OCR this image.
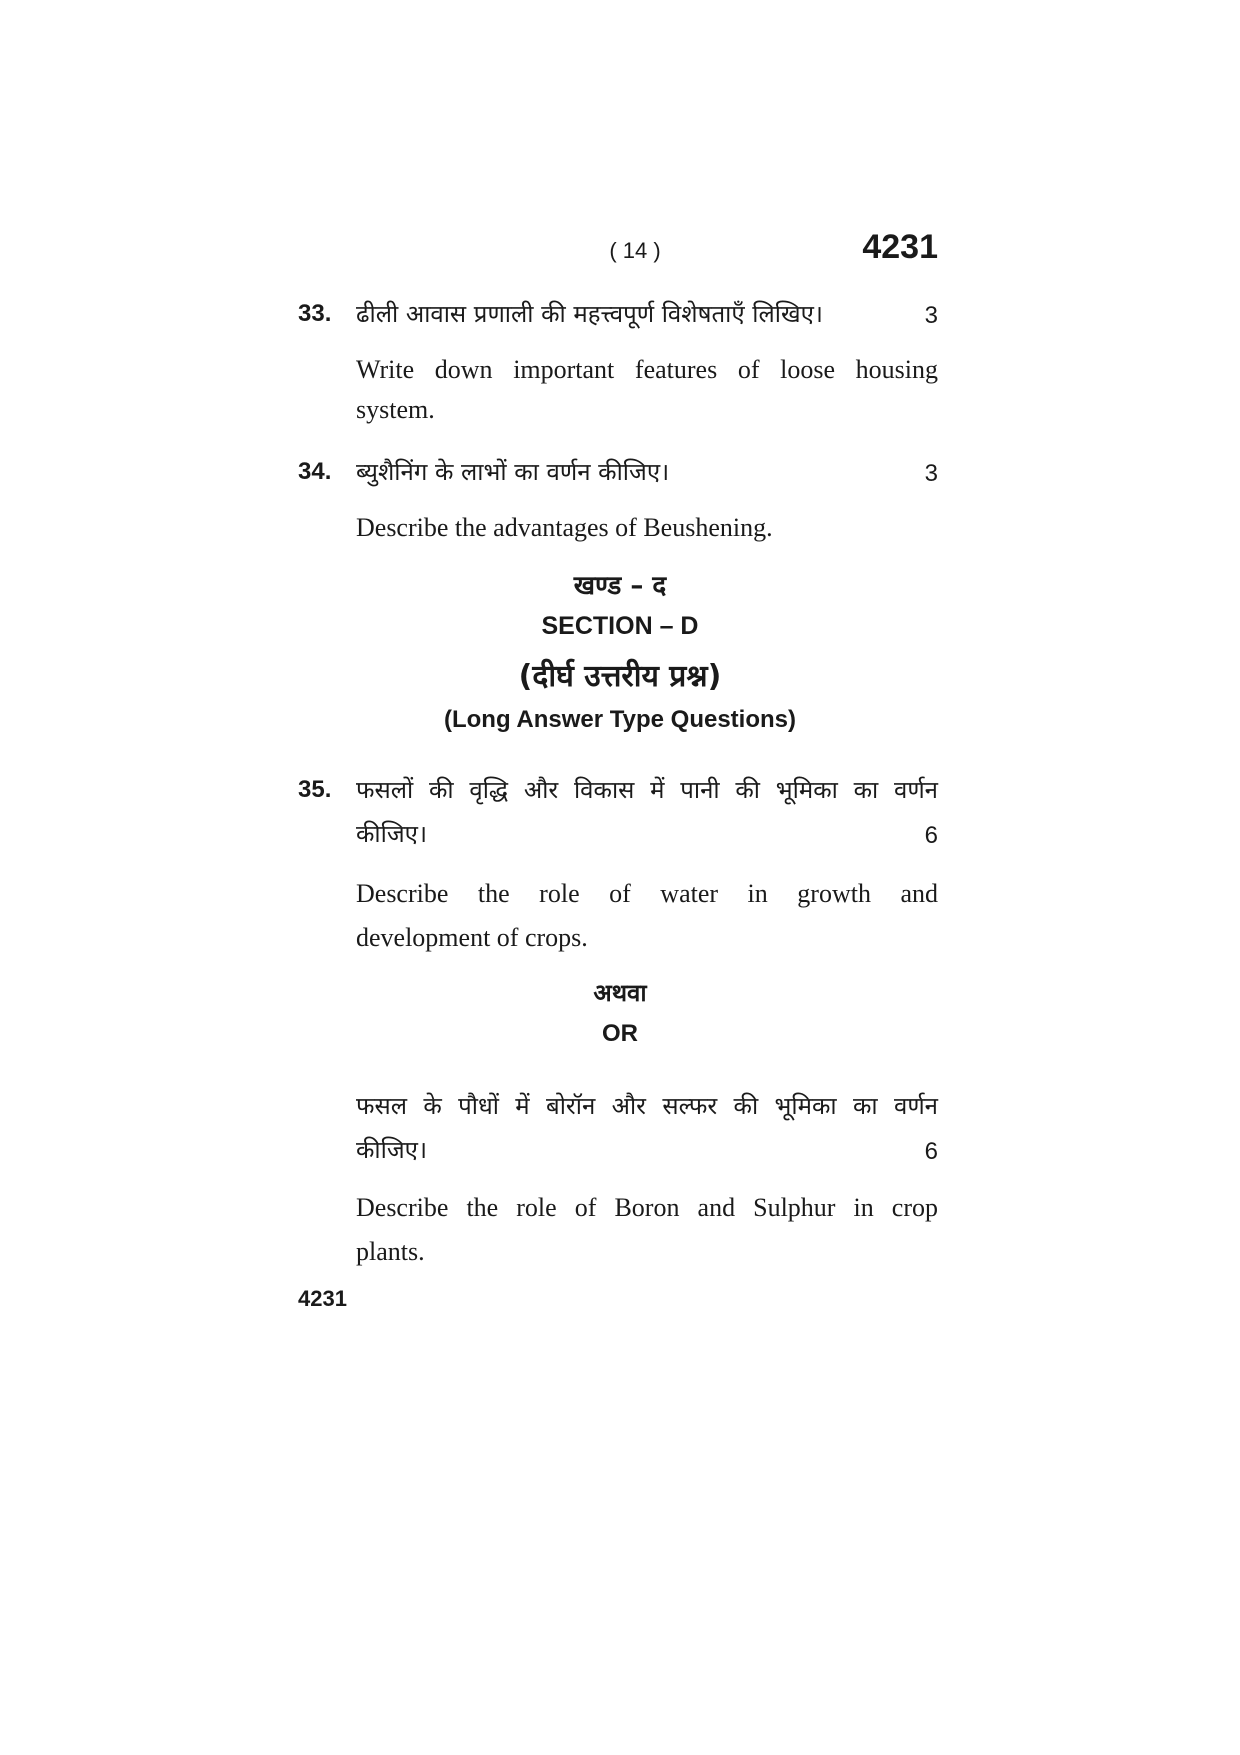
( 14 )	4231
33. ढीली आवास प्रणाली की महत्त्वपूर्ण विशेषताएँ लिखिए।	3
Write down important features of loose housing
system.
34. ब्युशैनिंग के लाभों का वर्णन कीजिए।	3
Describe the advantages of Beushening.
खण्ड – द
SECTION – D
(दीर्घ उत्तरीय प्रश्न)
(Long Answer Type Questions)
35. फसलों की वृद्धि और विकास में पानी की भूमिका का वर्णन
कीजिए।	6
Describe the role of water in growth and
development of crops.
अथवा
OR
फसल के पौधों में बोरॉन और सल्फर की भूमिका का वर्णन
कीजिए।	6
Describe the role of Boron and Sulphur in crop
plants.
4231
